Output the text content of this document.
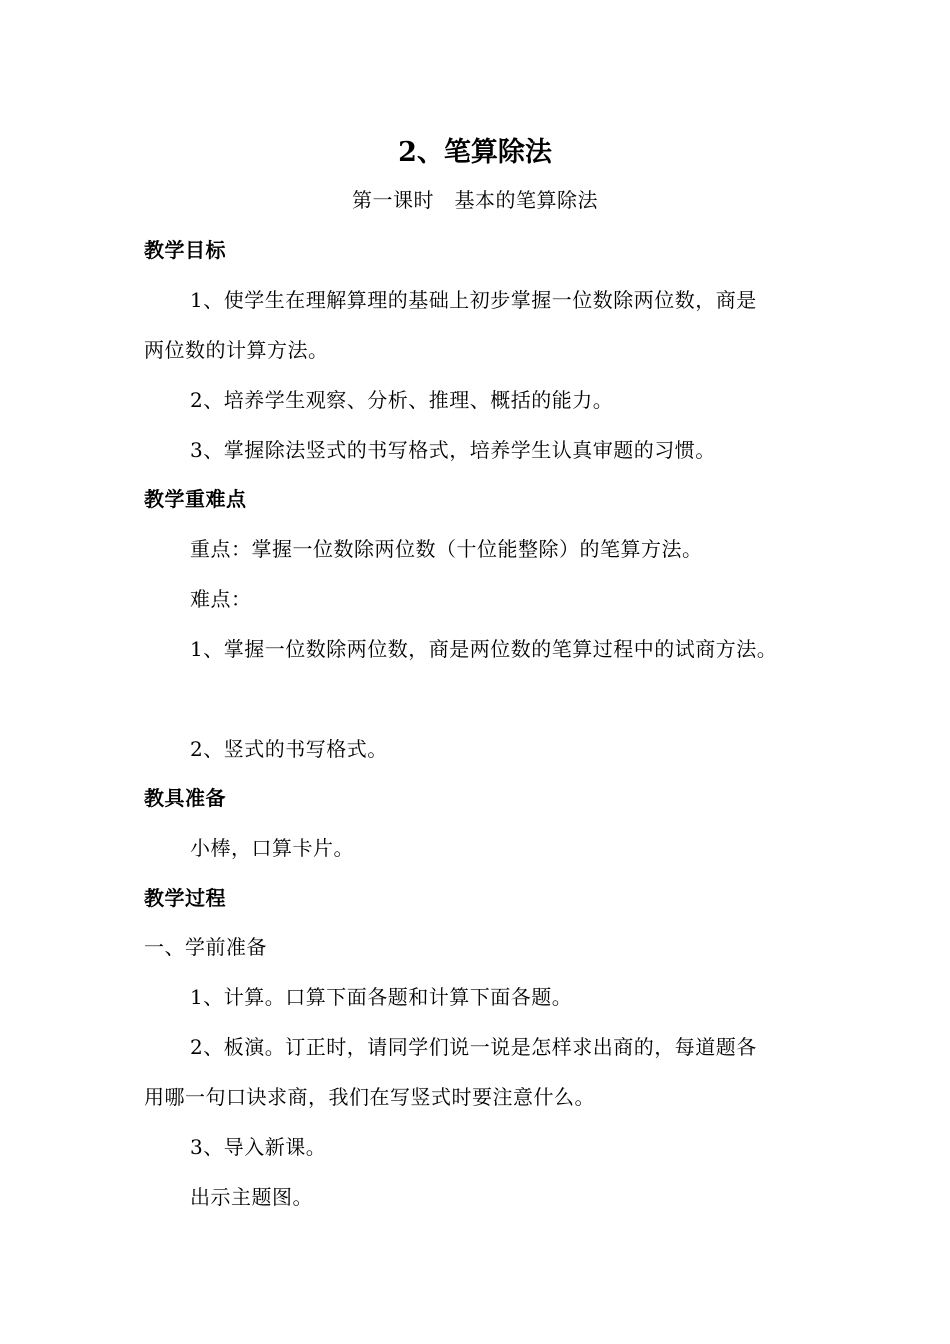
2、笔算除法
第一课时　基本的笔算除法
教学目标
1、使学生在理解算理的基础上初步掌握一位数除两位数，商是
两位数的计算方法。
2、培养学生观察、分析、推理、概括的能力。
3、掌握除法竖式的书写格式，培养学生认真审题的习惯。
教学重难点
重点：掌握一位数除两位数（十位能整除）的笔算方法。
难点：
1、掌握一位数除两位数，商是两位数的笔算过程中的试商方法。
2、竖式的书写格式。
教具准备
小棒，口算卡片。
教学过程
一、学前准备
1、计算。口算下面各题和计算下面各题。
2、板演。订正时，请同学们说一说是怎样求出商的，每道题各
用哪一句口诀求商，我们在写竖式时要注意什么。
3、导入新课。
出示主题图。
